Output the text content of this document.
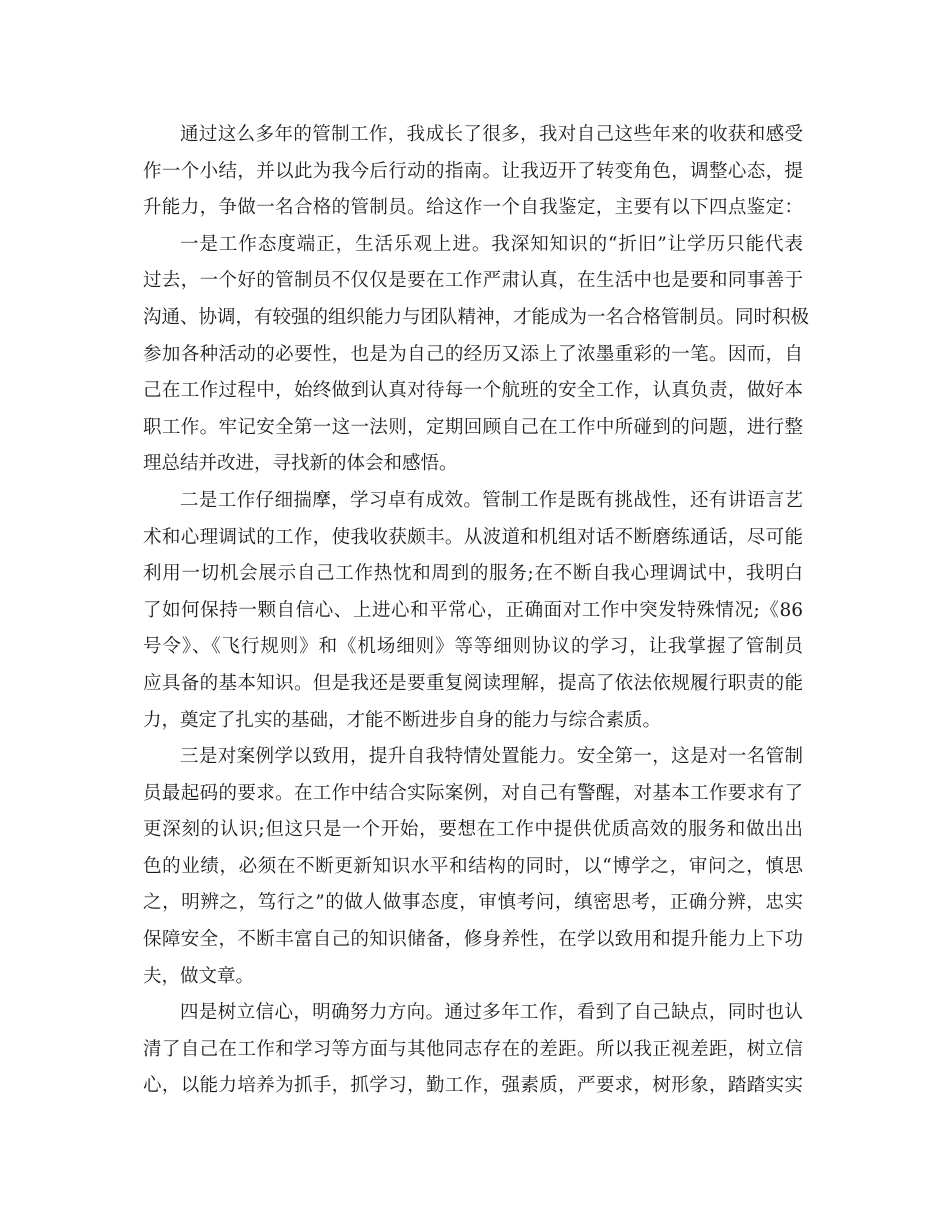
通过这么多年的管制工作，我成长了很多，我对自己这些年来的收获和感受
作一个小结，并以此为我今后行动的指南。让我迈开了转变角色，调整心态，提
升能力，争做一名合格的管制员。给这作一个自我鉴定，主要有以下四点鉴定：
一是工作态度端正，生活乐观上进。我深知知识的“折旧”让学历只能代表
过去，一个好的管制员不仅仅是要在工作严肃认真，在生活中也是要和同事善于
沟通、协调，有较强的组织能力与团队精神，才能成为一名合格管制员。同时积极
参加各种活动的必要性，也是为自己的经历又添上了浓墨重彩的一笔。因而，自
己在工作过程中，始终做到认真对待每一个航班的安全工作，认真负责，做好本
职工作。牢记安全第一这一法则，定期回顾自己在工作中所碰到的问题，进行整
理总结并改进，寻找新的体会和感悟。
二是工作仔细揣摩，学习卓有成效。管制工作是既有挑战性，还有讲语言艺
术和心理调试的工作，使我收获颇丰。从波道和机组对话不断磨练通话，尽可能
利用一切机会展示自己工作热忱和周到的服务;在不断自我心理调试中，我明白
了如何保持一颗自信心、上进心和平常心，正确面对工作中突发特殊情况;《86
号令》、《飞行规则》和《机场细则》等等细则协议的学习，让我掌握了管制员
应具备的基本知识。但是我还是要重复阅读理解，提高了依法依规履行职责的能
力，奠定了扎实的基础，才能不断进步自身的能力与综合素质。
三是对案例学以致用，提升自我特情处置能力。安全第一，这是对一名管制
员最起码的要求。在工作中结合实际案例，对自己有警醒，对基本工作要求有了
更深刻的认识;但这只是一个开始，要想在工作中提供优质高效的服务和做出出
色的业绩，必须在不断更新知识水平和结构的同时，以“博学之，审问之，慎思
之，明辨之，笃行之”的做人做事态度，审慎考问，缜密思考，正确分辨，忠实
保障安全，不断丰富自己的知识储备，修身养性，在学以致用和提升能力上下功
夫，做文章。
四是树立信心，明确努力方向。通过多年工作，看到了自己缺点，同时也认
清了自己在工作和学习等方面与其他同志存在的差距。所以我正视差距，树立信
心，以能力培养为抓手，抓学习，勤工作，强素质，严要求，树形象，踏踏实实
